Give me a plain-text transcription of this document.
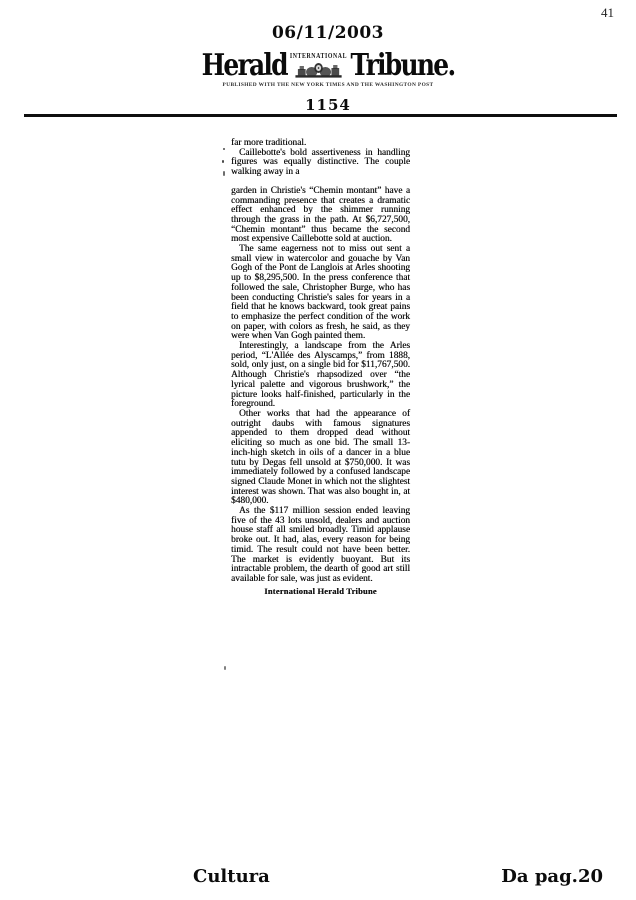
41
06/11/2003
Herald INTERNATIONAL Tribune.
PUBLISHED WITH THE NEW YORK TIMES AND THE WASHINGTON POST
1154

far more traditional.

Caillebotte's bold assertiveness in handling figures was equally distinctive. The couple walking away in a

garden in Christie's “Chemin montant” have a commanding presence that creates a dramatic effect enhanced by the shimmer running through the grass in the path. At $6,727,500, “Chemin montant” thus became the second most expensive Caillebotte sold at auction.

The same eagerness not to miss out sent a small view in watercolor and gouache by Van Gogh of the Pont de Langlois at Arles shooting up to $8,295,500. In the press conference that followed the sale, Christopher Burge, who has been conducting Christie's sales for years in a field that he knows backward, took great pains to emphasize the perfect condition of the work on paper, with colors as fresh, he said, as they were when Van Gogh painted them.

Interestingly, a landscape from the Arles period, “L'Allée des Alyscamps,” from 1888, sold, only just, on a single bid for $11,767,500. Although Christie's rhapsodized over “the lyrical palette and vigorous brushwork,” the picture looks half-finished, particularly in the foreground.

Other works that had the appearance of outright daubs with famous signatures appended to them dropped dead without eliciting so much as one bid. The small 13-inch-high sketch in oils of a dancer in a blue tutu by Degas fell unsold at $750,000. It was immediately followed by a confused landscape signed Claude Monet in which not the slightest interest was shown. That was also bought in, at $480,000.

As the $117 million session ended leaving five of the 43 lots unsold, dealers and auction house staff all smiled broadly. Timid applause broke out. It had, alas, every reason for being timid. The result could not have been better. The market is evidently buoyant. But its intractable problem, the dearth of good art still available for sale, was just as evident.

International Herald Tribune
Cultura	Da pag.20
